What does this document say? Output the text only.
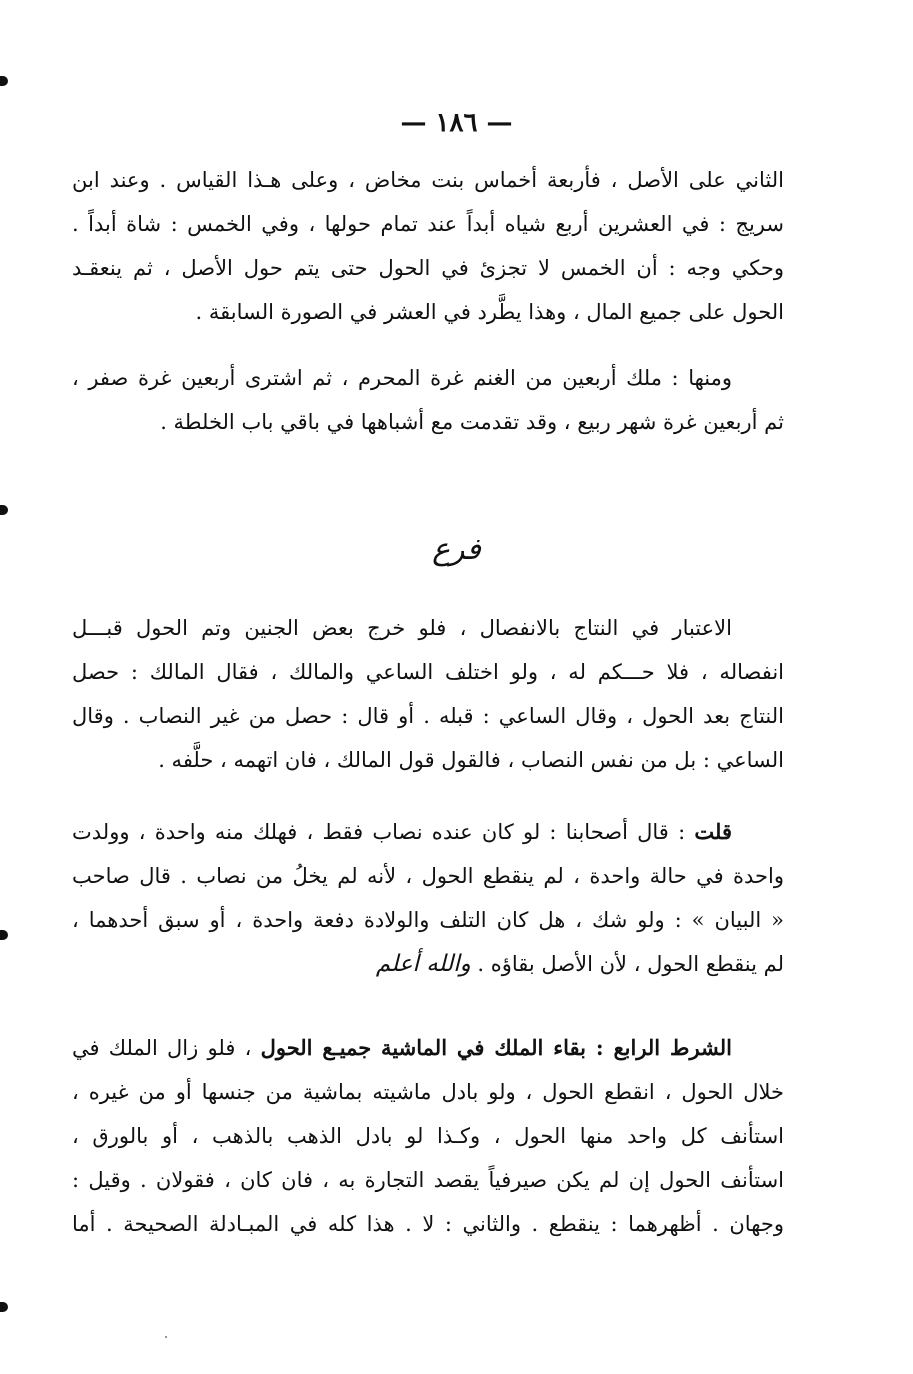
— ١٨٦ —
الثاني على الأصل ، فأربعة أخماس بنت مخاض ، وعلى هـذا القياس . وعند ابن
سريج : في العشرين أربع شياه أبداً عند تمام حولها ، وفي الخمس : شاة أبداً .
وحكي وجه : أن الخمس لا تجزئ في الحول حتى يتم حول الأصل ، ثم ينعقـد
الحول على جميع المال ، وهذا يطَّرد في العشر في الصورة السابقة .
ومنها : ملك أربعين من الغنم غرة المحرم ، ثم اشترى أربعين غرة صفر ،
ثم أربعين غرة شهر ربيع ، وقد تقدمت مع أشباهها في باقي باب الخلطة .
فرع
الاعتبار في النتاج بالانفصال ، فلو خرج بعض الجنين وتم الحول قبـــل
انفصاله ، فلا حـــكم له ، ولو اختلف الساعي والمالك ، فقال المالك : حصل
النتاج بعد الحول ، وقال الساعي : قبله . أو قال : حصل من غير النصاب . وقال
الساعي : بل من نفس النصاب ، فالقول قول المالك ، فان اتهمه ، حلَّفه .
قلت : قال أصحابنا : لو كان عنده نصاب فقط ، فهلك منه واحدة ، وولدت
واحدة في حالة واحدة ، لم ينقطع الحول ، لأنه لم يخلُ من نصاب . قال صاحب
« البيان » : ولو شك ، هل كان التلف والولادة دفعة واحدة ، أو سبق أحدهما ،
لم ينقطع الحول ، لأن الأصل بقاؤه . والله أعلم
الشرط الرابع : بقاء الملك في الماشية جميـع الحول ، فلو زال الملك في
خلال الحول ، انقطع الحول ، ولو بادل ماشيته بماشية من جنسها أو من غيره ،
استأنف كل واحد منها الحول ، وكـذا لو بادل الذهب بالذهب ، أو بالورق ،
استأنف الحول إن لم يكن صيرفياً يقصد التجارة به ، فان كان ، فقولان . وقيل :
وجهان . أظهرهما : ينقطع . والثاني : لا . هذا كله في المبـادلة الصحيحة . أما
